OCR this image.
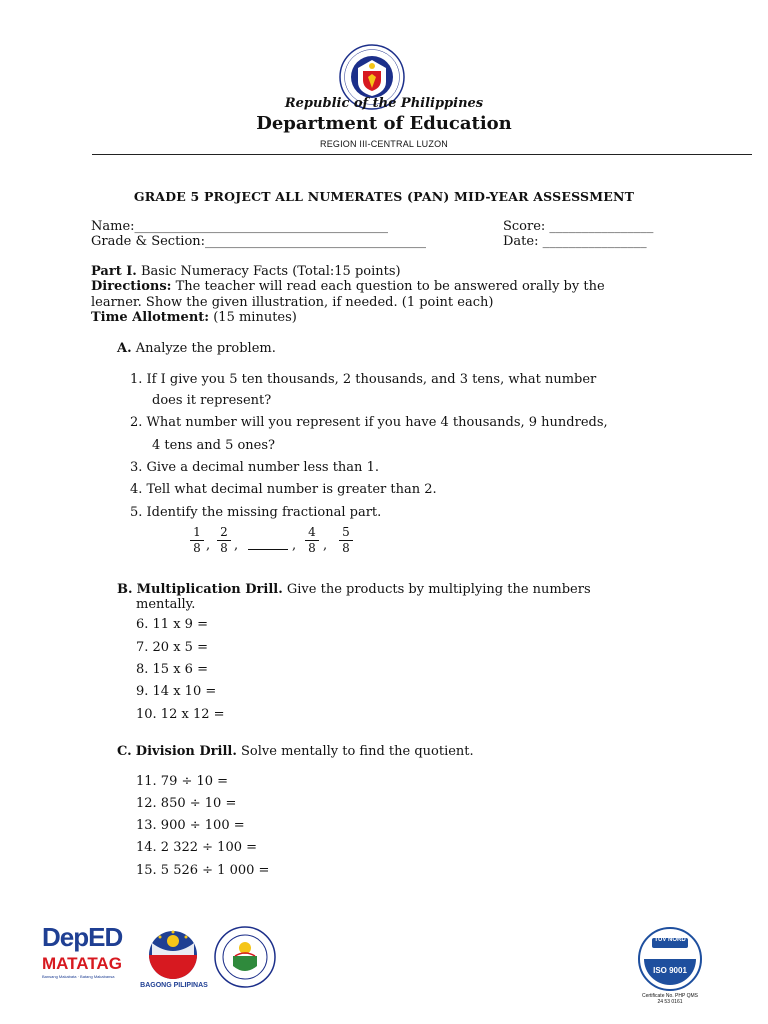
Republic of the Philippines
Department of Education
REGION III-CENTRAL LUZON
GRADE 5 PROJECT ALL NUMERATES (PAN) MID-YEAR ASSESSMENT
Name:_______________________________________
Grade & Section:__________________________________
Score: ________________
Date: ________________
Part I. Basic Numeracy Facts (Total:15 points)
Directions: The teacher will read each question to be answered orally by the
learner. Show the given illustration, if needed. (1 point each)
Time Allotment: (15 minutes)
A. Analyze the problem.
1. If I give you 5 ten thousands, 2 thousands, and 3 tens, what number
does it represent?
2. What number will you represent if you have 4 thousands, 9 hundreds,
4 tens and 5 ones?
3. Give a decimal number less than 1.
4. Tell what decimal number is greater than 2.
5. Identify the missing fractional part.
1
8 ,
2
8 ,	,
4
8 ,
5
8
B. Multiplication Drill. Give the products by multiplying the numbers
mentally.
6. 11 x 9 =
7. 20 x 5 =
8. 15 x 6 =
9. 14 x 10 =
10. 12 x 12 =
C. Division Drill. Solve mentally to find the quotient.
11. 79 ÷ 10 =
12. 850 ÷ 10 =
13. 900 ÷ 100 =
14. 2 322 ÷ 100 =
15. 5 526 ÷ 1 000 =
DepED
MATATAG
Bansang Makabata · Batang Makabansa
BAGONG PILIPINAS
TÜV NORD
ISO 9001
Certificate No. PHP QMS
24 53 0161
